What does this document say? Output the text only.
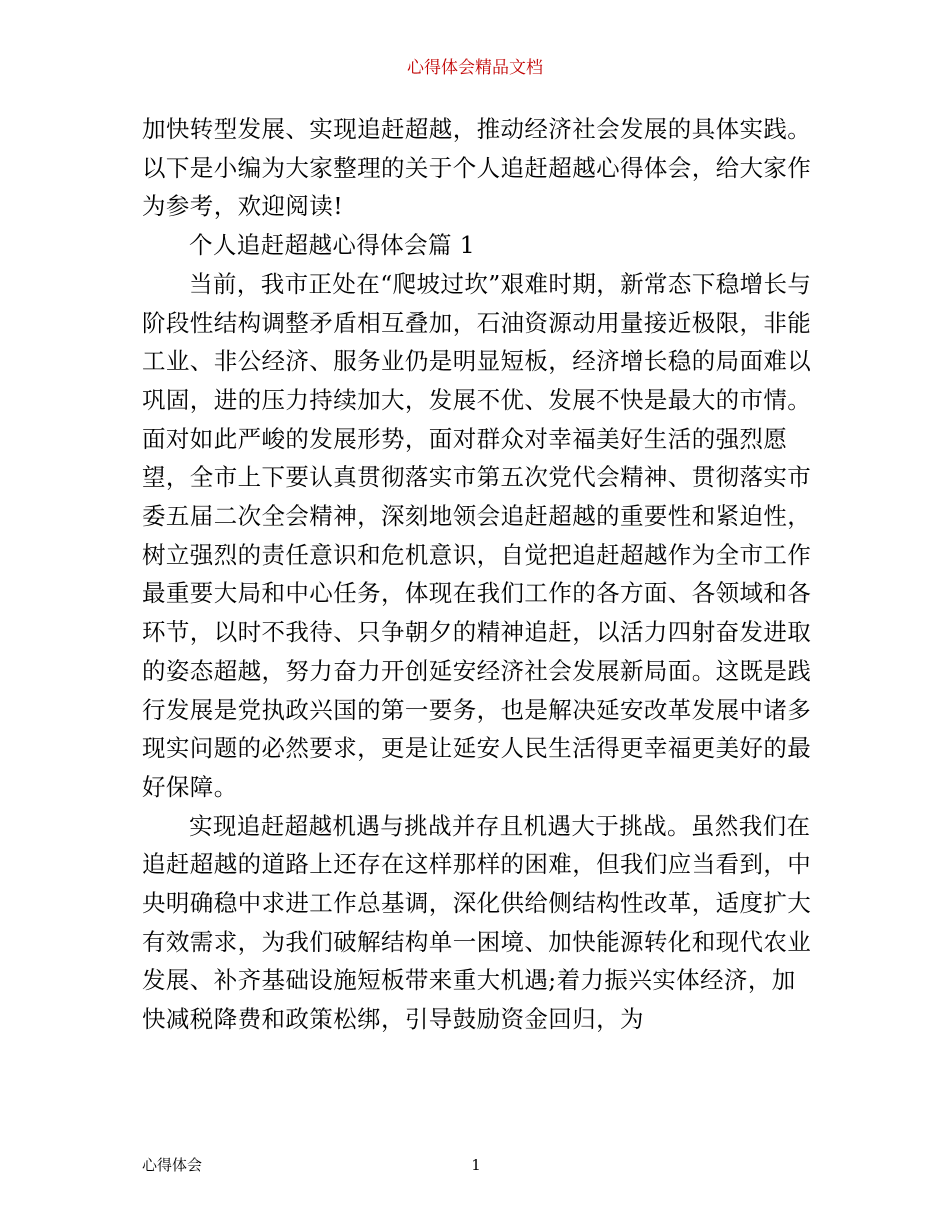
心得体会精品文档

加快转型发展、实现追赶超越，推动经济社会发展的具体实践。以下是小编为大家整理的关于个人追赶超越心得体会，给大家作为参考，欢迎阅读!

个人追赶超越心得体会篇 1

当前，我市正处在“爬坡过坎”艰难时期，新常态下稳增长与阶段性结构调整矛盾相互叠加，石油资源动用量接近极限，非能工业、非公经济、服务业仍是明显短板，经济增长稳的局面难以巩固，进的压力持续加大，发展不优、发展不快是最大的市情。面对如此严峻的发展形势，面对群众对幸福美好生活的强烈愿望，全市上下要认真贯彻落实市第五次党代会精神、贯彻落实市委五届二次全会精神，深刻地领会追赶超越的重要性和紧迫性，树立强烈的责任意识和危机意识，自觉把追赶超越作为全市工作最重要大局和中心任务，体现在我们工作的各方面、各领域和各环节，以时不我待、只争朝夕的精神追赶，以活力四射奋发进取的姿态超越，努力奋力开创延安经济社会发展新局面。这既是践行发展是党执政兴国的第一要务，也是解决延安改革发展中诸多现实问题的必然要求，更是让延安人民生活得更幸福更美好的最好保障。

实现追赶超越机遇与挑战并存且机遇大于挑战。虽然我们在追赶超越的道路上还存在这样那样的困难，但我们应当看到，中央明确稳中求进工作总基调，深化供给侧结构性改革，适度扩大有效需求，为我们破解结构单一困境、加快能源转化和现代农业发展、补齐基础设施短板带来重大机遇;着力振兴实体经济，加快减税降费和政策松绑，引导鼓励资金回归，为

心得体会	1
